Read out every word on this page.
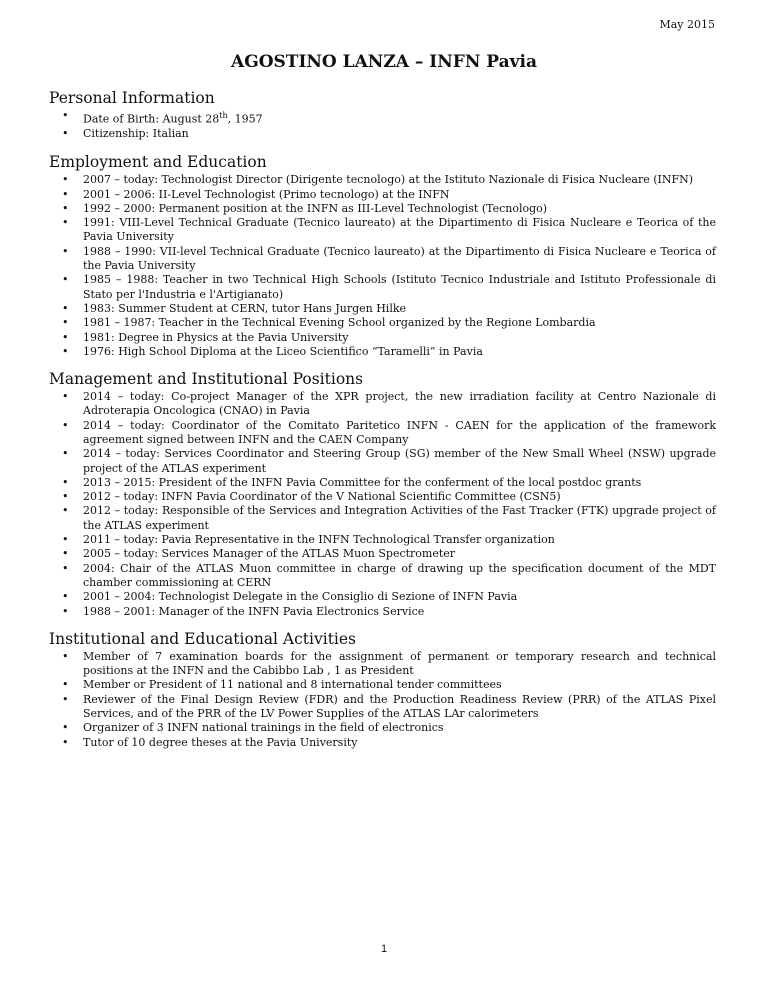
May 2015
AGOSTINO LANZA – INFN Pavia
Personal Information
• Date of Birth: August 28th, 1957
• Citizenship: Italian
Employment and Education
• 2007 – today: Technologist Director (Dirigente tecnologo) at the Istituto Nazionale di Fisica Nucleare (INFN)
• 2001 – 2006: II-Level Technologist (Primo tecnologo) at the INFN
• 1992 – 2000: Permanent position at the INFN as III-Level Technologist (Tecnologo)
• 1991: VIII-Level Technical Graduate (Tecnico laureato) at the Dipartimento di Fisica Nucleare e Teorica of the Pavia University
• 1988 – 1990: VII-level Technical Graduate (Tecnico laureato) at the Dipartimento di Fisica Nucleare e Teorica of the Pavia University
• 1985 – 1988: Teacher in two Technical High Schools (Istituto Tecnico Industriale and Istituto Professionale di Stato per l'Industria e l'Artigianato)
• 1983: Summer Student at CERN, tutor Hans Jurgen Hilke
• 1981 – 1987: Teacher in the Technical Evening School organized by the Regione Lombardia
• 1981: Degree in Physics at the Pavia University
• 1976: High School Diploma at the Liceo Scientifico “Taramelli” in Pavia
Management and Institutional Positions
• 2014 – today: Co-project Manager of the XPR project, the new irradiation facility at Centro Nazionale di Adroterapia Oncologica (CNAO) in Pavia
• 2014 – today: Coordinator of the Comitato Paritetico INFN - CAEN for the application of the framework agreement signed between INFN and the CAEN Company
• 2014 – today: Services Coordinator and Steering Group (SG) member of the New Small Wheel (NSW) upgrade project of the ATLAS experiment
• 2013 – 2015: President of the INFN Pavia Committee for the conferment of the local postdoc grants
• 2012 – today: INFN Pavia Coordinator of the V National Scientific Committee (CSN5)
• 2012 – today: Responsible of the Services and Integration Activities of the Fast Tracker (FTK) upgrade project of the ATLAS experiment
• 2011 – today: Pavia Representative in the INFN Technological Transfer organization
• 2005 – today: Services Manager of the ATLAS Muon Spectrometer
• 2004: Chair of the ATLAS Muon committee in charge of drawing up the specification document of the MDT chamber commissioning at CERN
• 2001 – 2004: Technologist Delegate in the Consiglio di Sezione of INFN Pavia
• 1988 – 2001: Manager of the INFN Pavia Electronics Service
Institutional and Educational Activities
• Member of 7 examination boards for the assignment of permanent or temporary research and technical positions at the INFN and the Cabibbo Lab , 1 as President
• Member or President of 11 national and 8 international tender committees
• Reviewer of the Final Design Review (FDR) and the Production Readiness Review (PRR) of the ATLAS Pixel Services, and of the PRR of the LV Power Supplies of the ATLAS LAr calorimeters
• Organizer of 3 INFN national trainings in the field of electronics
• Tutor of 10 degree theses at the Pavia University
1
